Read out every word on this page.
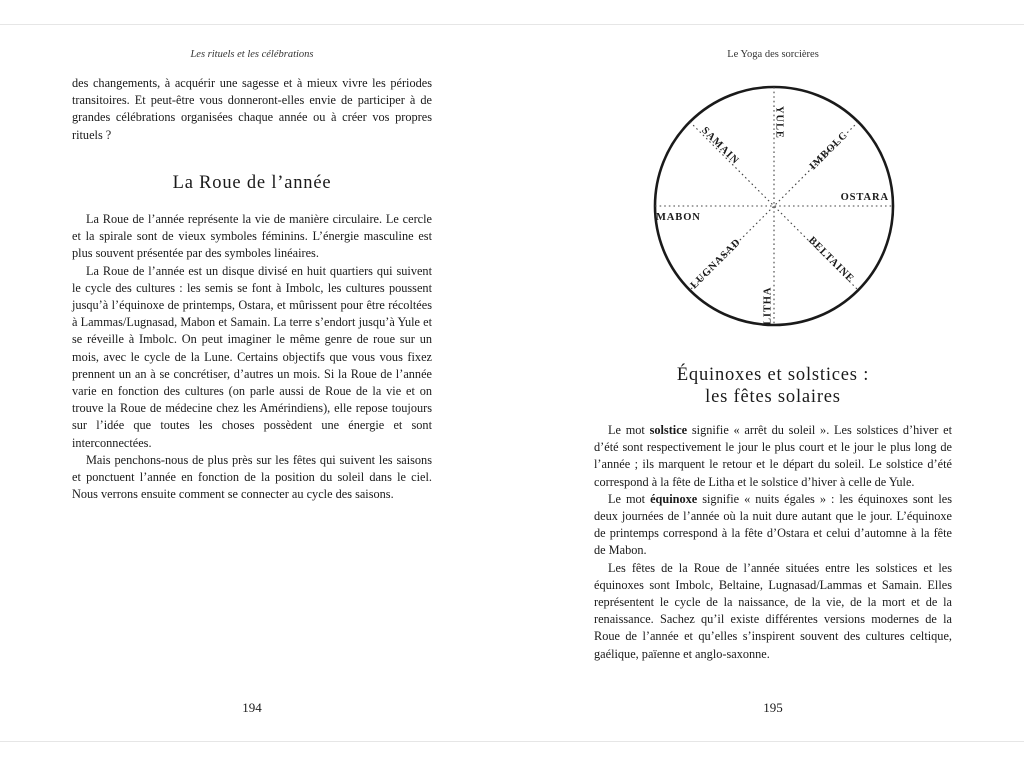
Les rituels et les célébrations

des changements, à acquérir une sagesse et à mieux vivre les périodes transitoires. Et peut-être vous donneront-elles envie de participer à de grandes célébrations organisées chaque année ou à créer vos propres rituels ?

La Roue de l’année

La Roue de l’année représente la vie de manière circulaire. Le cercle et la spirale sont de vieux symboles féminins. L’énergie masculine est plus souvent présentée par des symboles linéaires.

La Roue de l’année est un disque divisé en huit quartiers qui suivent le cycle des cultures : les semis se font à Imbolc, les cultures poussent jusqu’à l’équinoxe de printemps, Ostara, et mûrissent pour être récoltées à Lammas/Lugnasad, Mabon et Samain. La terre s’endort jusqu’à Yule et se réveille à Imbolc. On peut imaginer le même genre de roue sur un mois, avec le cycle de la Lune. Certains objectifs que vous vous fixez prennent un an à se concrétiser, d’autres un mois. Si la Roue de l’année varie en fonction des cultures (on parle aussi de Roue de la vie et on trouve la Roue de médecine chez les Amérindiens), elle repose toujours sur l’idée que toutes les choses possèdent une énergie et sont interconnectées.

Mais penchons-nous de plus près sur les fêtes qui suivent les saisons et ponctuent l’année en fonction de la position du soleil dans le ciel. Nous verrons ensuite comment se connecter au cycle des saisons.

194
Le Yoga des sorcières
YULE
IMBOLC
OSTARA
BELTAINE
LITHA
LUGNASAD
MABON
SAMAIN
Équinoxes et solstices :
les fêtes solaires

Le mot solstice signifie « arrêt du soleil ». Les solstices d’hiver et d’été sont respectivement le jour le plus court et le jour le plus long de l’année ; ils marquent le retour et le départ du soleil. Le solstice d’été correspond à la fête de Litha et le solstice d’hiver à celle de Yule.

Le mot équinoxe signifie « nuits égales » : les équinoxes sont les deux journées de l’année où la nuit dure autant que le jour. L’équinoxe de printemps correspond à la fête d’Ostara et celui d’automne à la fête de Mabon.

Les fêtes de la Roue de l’année situées entre les solstices et les équinoxes sont Imbolc, Beltaine, Lugnasad/Lammas et Samain. Elles représentent le cycle de la naissance, de la vie, de la mort et de la renaissance. Sachez qu’il existe différentes versions modernes de la Roue de l’année et qu’elles s’inspirent souvent des cultures celtique, gaélique, païenne et anglo-saxonne.

195
